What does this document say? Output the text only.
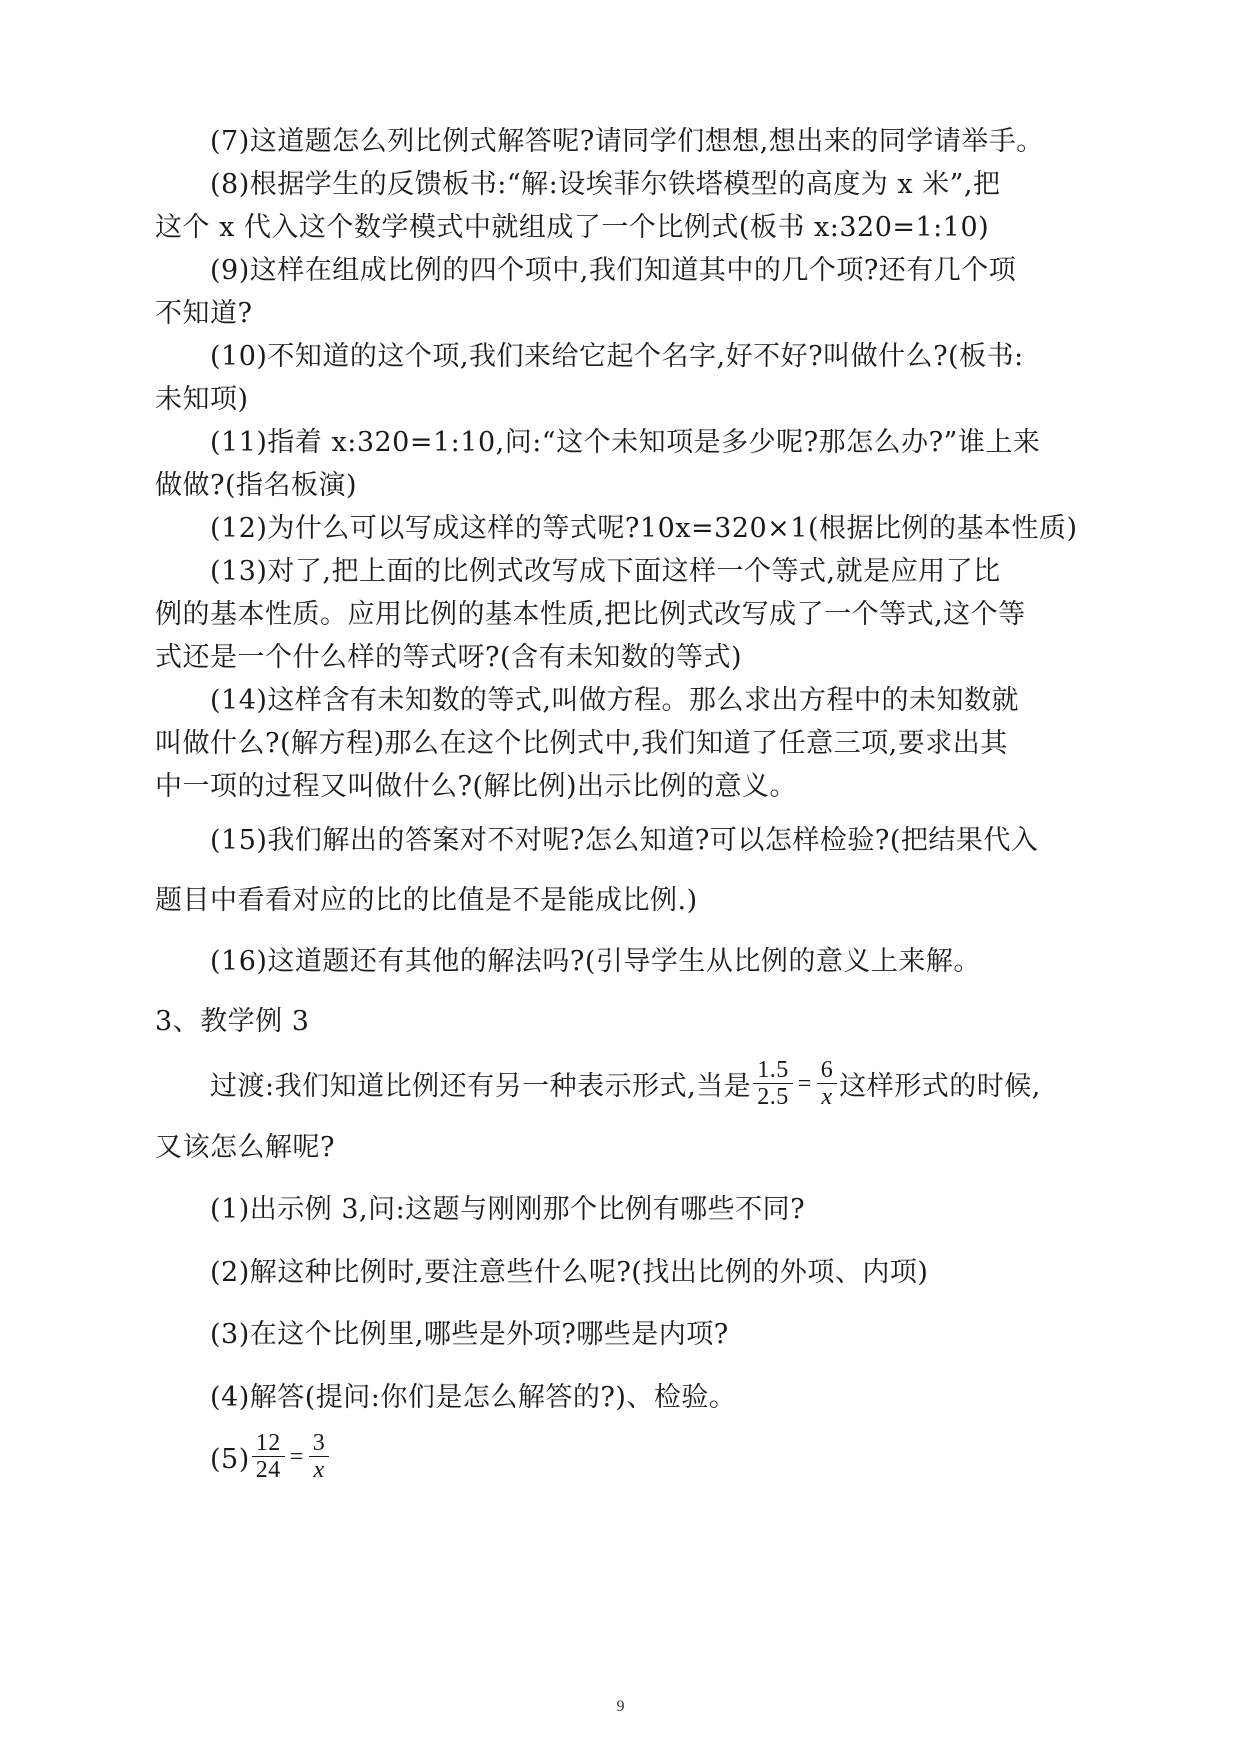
(7)这道题怎么列比例式解答呢?请同学们想想,想出来的同学请举手。
(8)根据学生的反馈板书:“解:设埃菲尔铁塔模型的高度为 x 米”,把
这个 x 代入这个数学模式中就组成了一个比例式(板书 x:320=1:10)
(9)这样在组成比例的四个项中,我们知道其中的几个项?还有几个项
不知道?
(10)不知道的这个项,我们来给它起个名字,好不好?叫做什么?(板书:
未知项)
(11)指着 x:320=1:10,问:“这个未知项是多少呢?那怎么办?”谁上来
做做?(指名板演)
(12)为什么可以写成这样的等式呢?10x=320×1(根据比例的基本性质)
(13)对了,把上面的比例式改写成下面这样一个等式,就是应用了比
例的基本性质。应用比例的基本性质,把比例式改写成了一个等式,这个等
式还是一个什么样的等式呀?(含有未知数的等式)
(14)这样含有未知数的等式,叫做方程。那么求出方程中的未知数就
叫做什么?(解方程)那么在这个比例式中,我们知道了任意三项,要求出其
中一项的过程又叫做什么?(解比例)出示比例的意义。
(15)我们解出的答案对不对呢?怎么知道?可以怎样检验?(把结果代入
题目中看看对应的比的比值是不是能成比例.)
(16)这道题还有其他的解法吗?(引导学生从比例的意义上来解。
3、教学例 3
过渡:我们知道比例还有另一种表示形式,当是 $\frac{1.5}{2.5} = \frac{6}{x}$ 这样形式的时候,
又该怎么解呢?
(1)出示例 3,问:这题与刚刚那个比例有哪些不同?
(2)解这种比例时,要注意些什么呢?(找出比例的外项、内项)
(3)在这个比例里,哪些是外项?哪些是内项?
(4)解答(提问:你们是怎么解答的?)、检验。
$(5) \frac{12}{24} = \frac{3}{x}$
9
